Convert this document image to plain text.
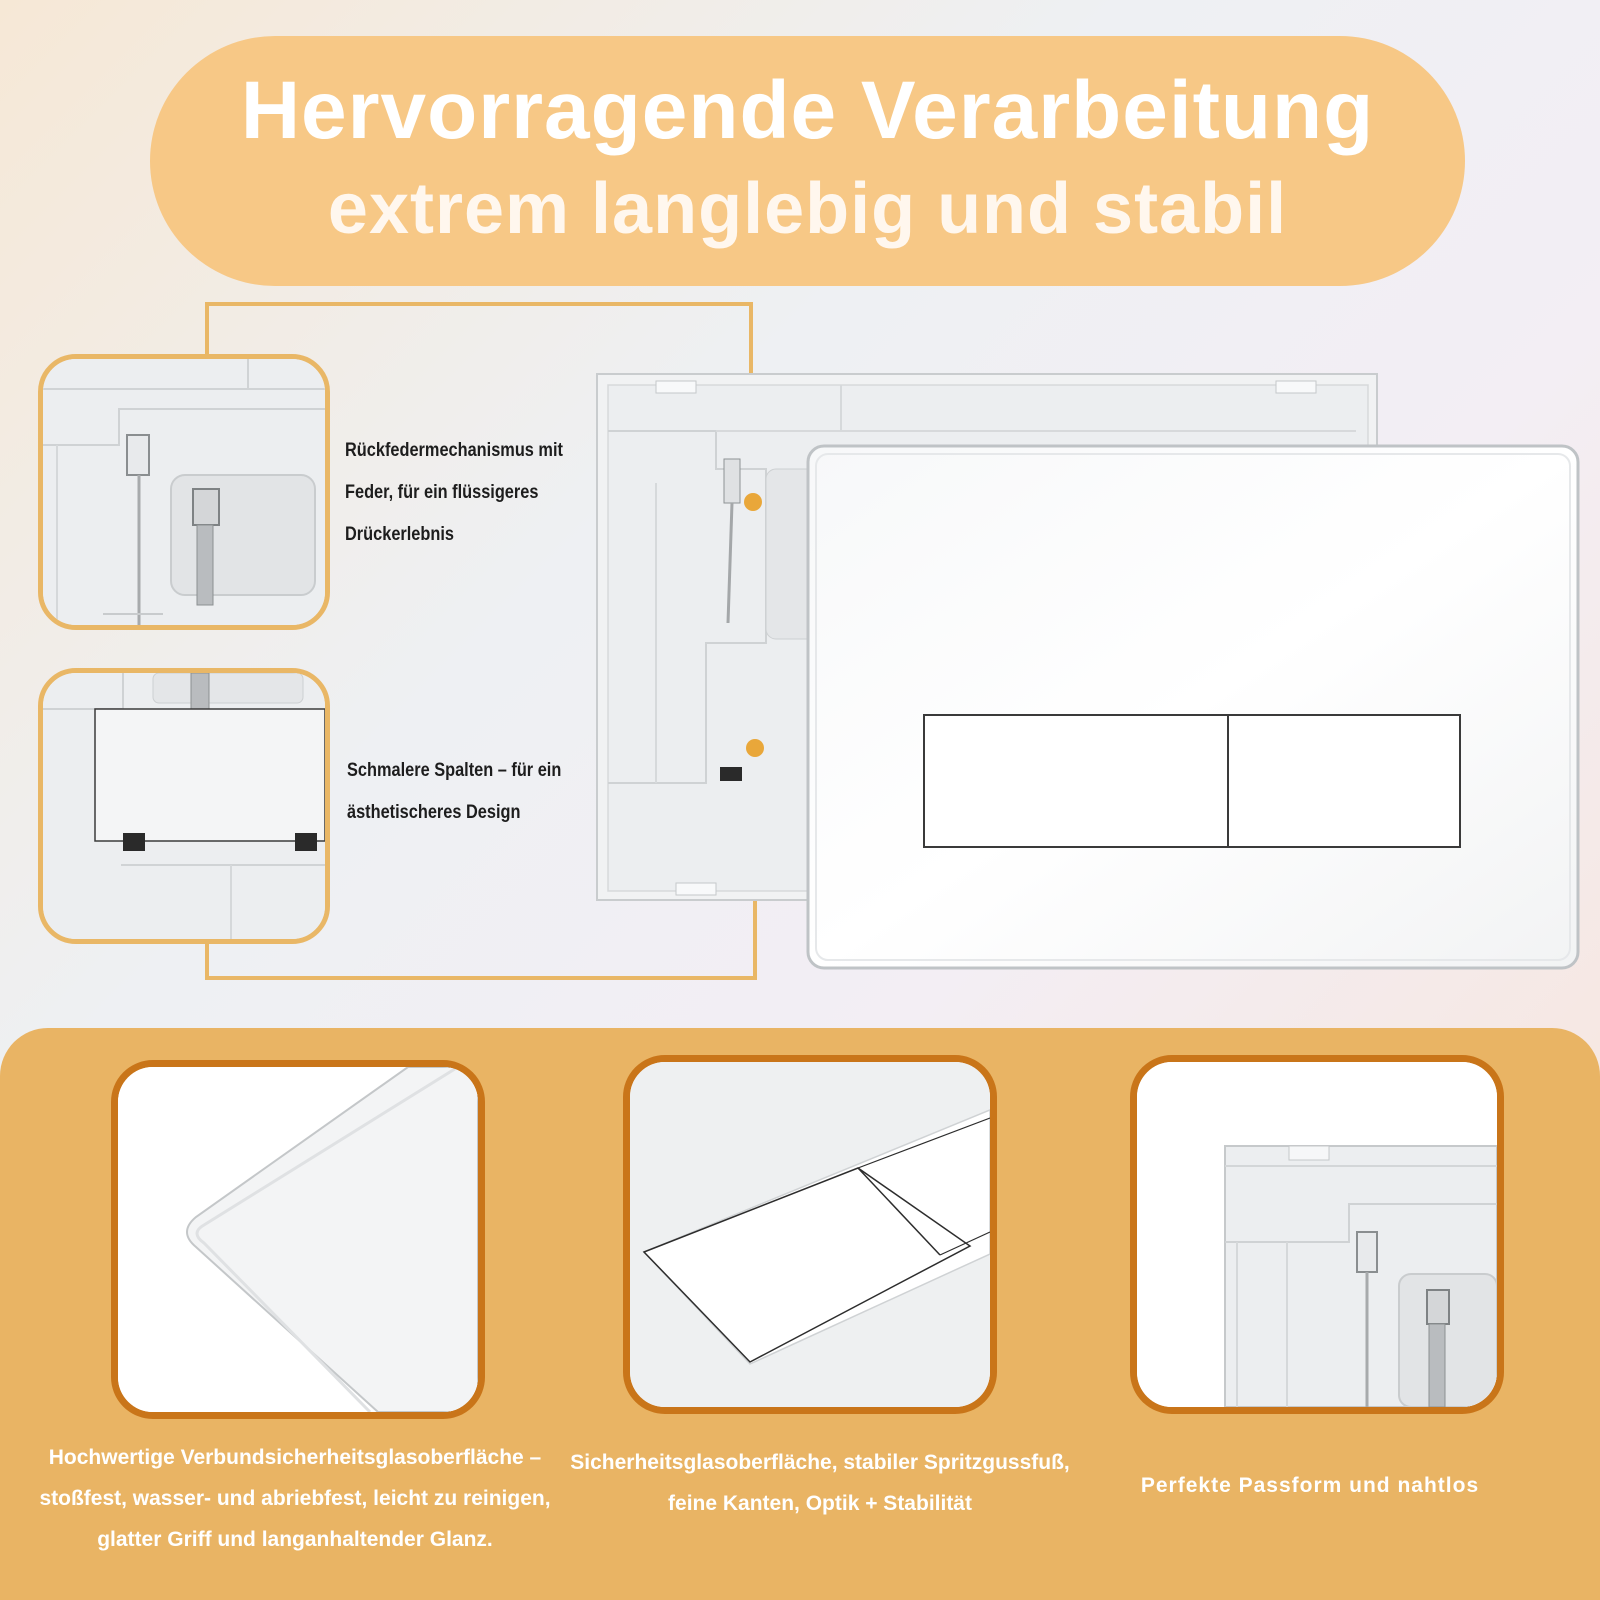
Hervorragende Verarbeitung
extrem langlebig und stabil
Rückfedermechanismus mit
Feder, für ein flüssigeres
Drückerlebnis
Schmalere Spalten – für ein
ästhetischeres Design
Hochwertige Verbundsicherheitsglasoberfläche –
stoßfest, wasser- und abriebfest, leicht zu reinigen,
glatter Griff und langanhaltender Glanz.
Sicherheitsglasoberfläche, stabiler Spritzgussfuß,
feine Kanten, Optik + Stabilität
Perfekte Passform und nahtlos
